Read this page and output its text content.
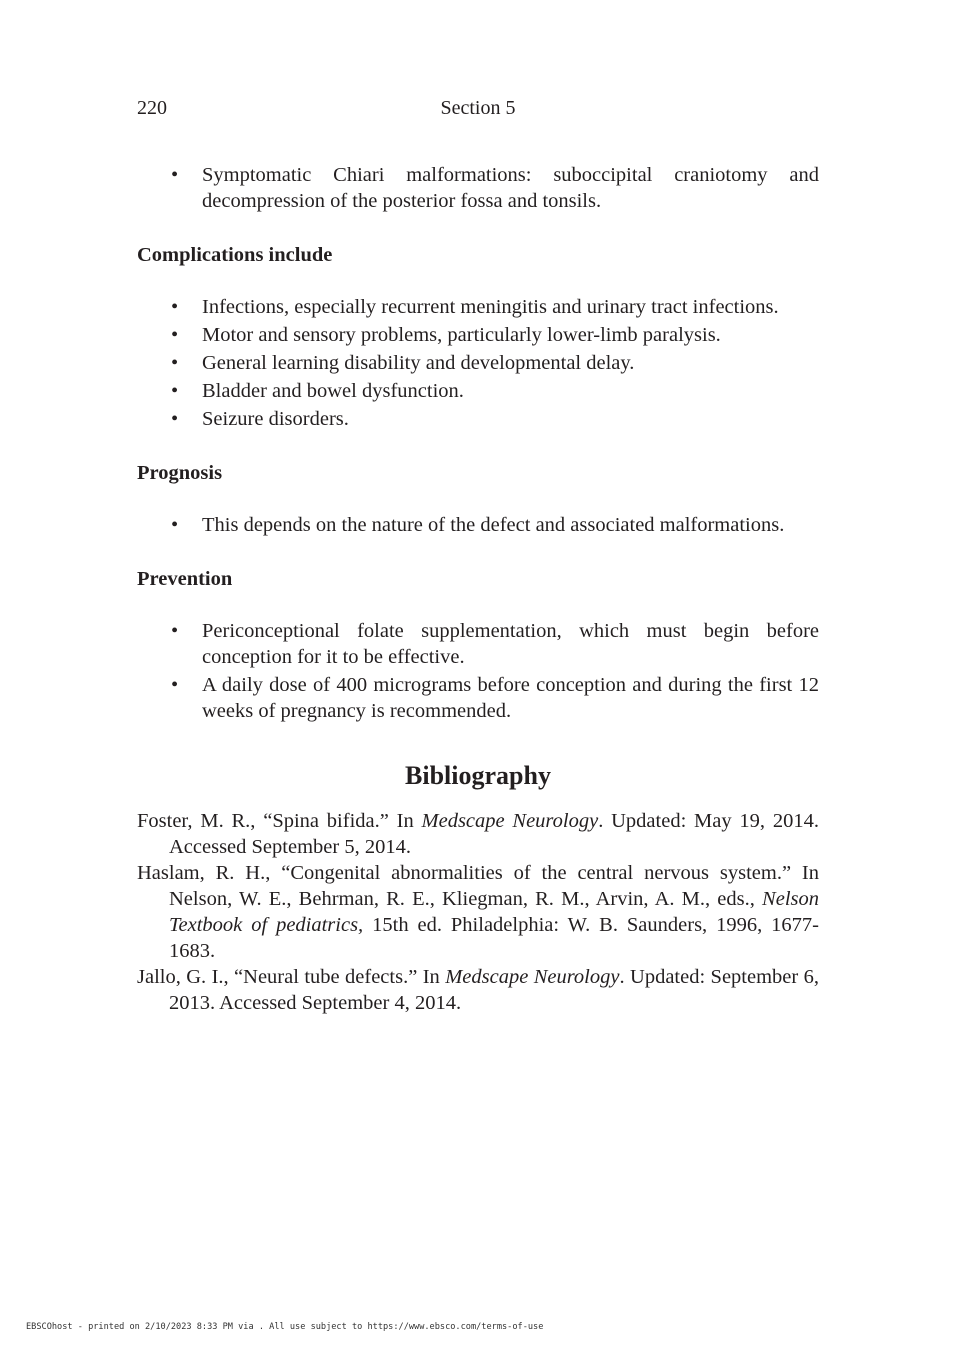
220	Section 5
• Symptomatic Chiari malformations: suboccipital craniotomy and decompression of the posterior fossa and tonsils.
Complications include
• Infections, especially recurrent meningitis and urinary tract infections.
• Motor and sensory problems, particularly lower-limb paralysis.
• General learning disability and developmental delay.
• Bladder and bowel dysfunction.
• Seizure disorders.
Prognosis
• This depends on the nature of the defect and associated malformations.
Prevention
• Periconceptional folate supplementation, which must begin before conception for it to be effective.
• A daily dose of 400 micrograms before conception and during the first 12 weeks of pregnancy is recommended.
Bibliography

Foster, M. R., “Spina bifida.” In Medscape Neurology. Updated: May 19, 2014. Accessed September 5, 2014.

Haslam, R. H., “Congenital abnormalities of the central nervous system.” In Nelson, W. E., Behrman, R. E., Kliegman, R. M., Arvin, A. M., eds., Nelson Textbook of pediatrics, 15th ed. Philadelphia: W. B. Saunders, 1996, 1677-1683.

Jallo, G. I., “Neural tube defects.” In Medscape Neurology. Updated: September 6, 2013. Accessed September 4, 2014.

EBSCOhost - printed on 2/10/2023 8:33 PM via . All use subject to https://www.ebsco.com/terms-of-use
